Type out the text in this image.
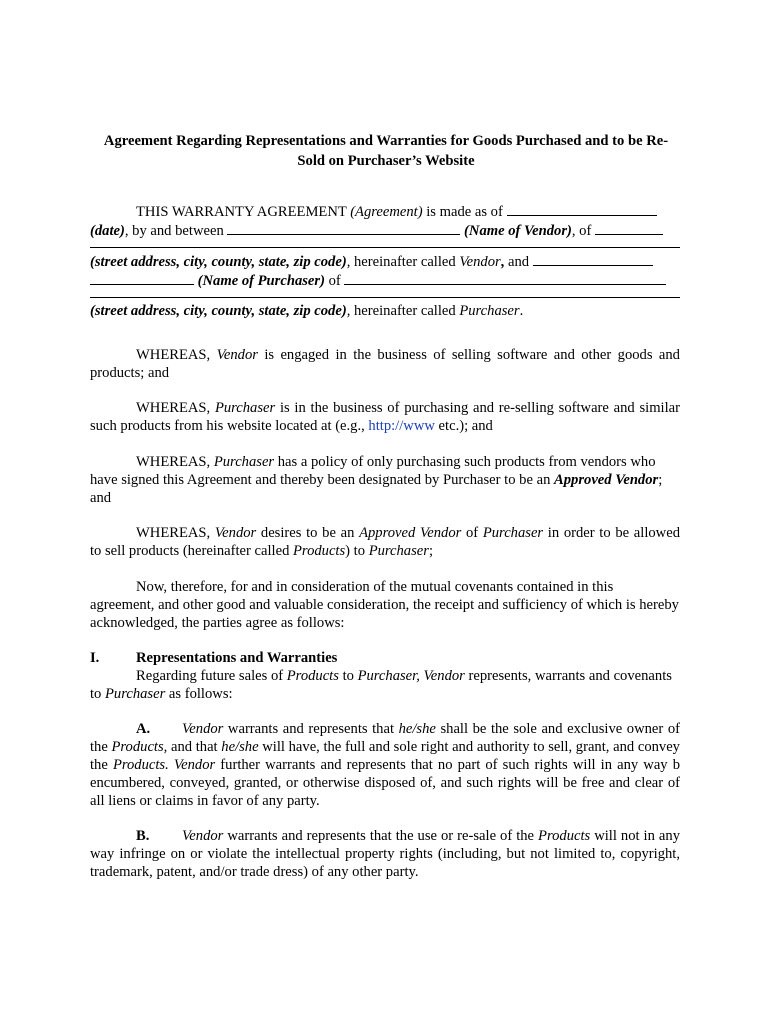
Agreement Regarding Representations and Warranties for Goods Purchased and to be Re-
Sold on Purchaser’s Website
THIS WARRANTY AGREEMENT (Agreement) is made as of
(date), by and between	(Name of Vendor), of
(street address, city, county, state, zip code), hereinafter called Vendor, and
(Name of Purchaser) of
(street address, city, county, state, zip code), hereinafter called Purchaser.
WHEREAS, Vendor is engaged in the business of selling software and other goods and products; and
WHEREAS, Purchaser is in the business of purchasing and re-selling software and similar such products from his website located at (e.g., http://www etc.); and
WHEREAS, Purchaser has a policy of only purchasing such products from vendors who have signed this Agreement and thereby been designated by Purchaser to be an Approved Vendor; and
WHEREAS, Vendor desires to be an Approved Vendor of Purchaser in order to be allowed to sell products (hereinafter called Products) to Purchaser;
Now, therefore, for and in consideration of the mutual covenants contained in this agreement, and other good and valuable consideration, the receipt and sufficiency of which is hereby acknowledged, the parties agree as follows:
I.	Representations and Warranties
Regarding future sales of Products to Purchaser, Vendor represents, warrants and covenants to Purchaser as follows:
A. Vendor warrants and represents that he/she shall be the sole and exclusive owner of the Products, and that he/she will have, the full and sole right and authority to sell, grant, and convey the Products. Vendor further warrants and represents that no part of such rights will in any way b encumbered, conveyed, granted, or otherwise disposed of, and such rights will be free and clear of all liens or claims in favor of any party.
B. Vendor warrants and represents that the use or re-sale of the Products will not in any way infringe on or violate the intellectual property rights (including, but not limited to, copyright, trademark, patent, and/or trade dress) of any other party.
